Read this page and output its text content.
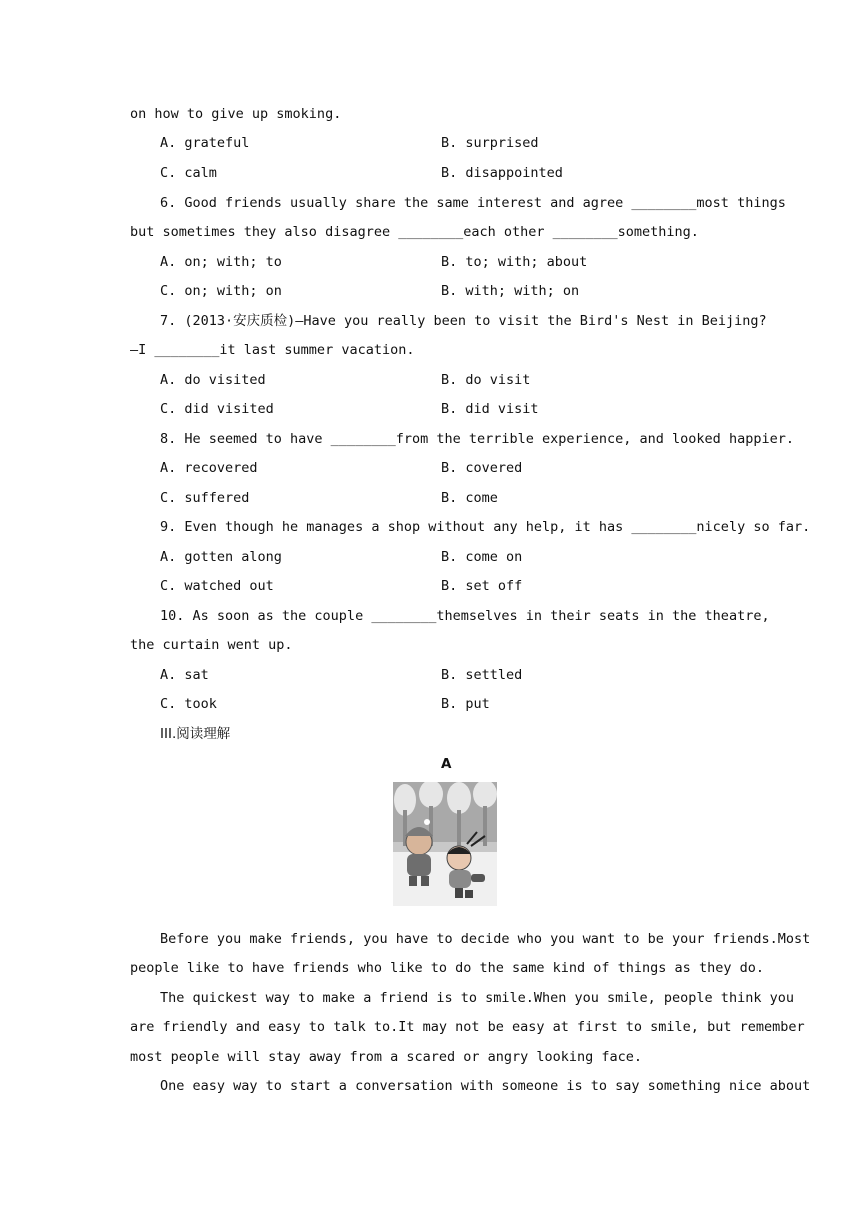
on how to give up smoking.
A. grateful	B. surprised
C. calm	B. disappointed
6. Good friends usually share the same interest and agree ________most things
but sometimes they also disagree ________each other ________something.
A. on; with; to	B. to; with; about
C. on; with; on	B. with; with; on
7. (2013·安庆质检)—Have you really been to visit the Bird's Nest in Beijing?
—I ________it last summer vacation.
A. do visited	B. do visit
C. did visited	B. did visit
8. He seemed to have ________from the terrible experience, and looked happier.
A. recovered	B. covered
C. suffered	B. come
9. Even though he manages a shop without any help, it has ________nicely so far.
A. gotten along	B. come on
C. watched out	B. set off
10. As soon as the couple ________themselves in their seats in the theatre,
the curtain went up.
A. sat	B. settled
C. took	B. put
III.阅读理解
A
Before you make friends, you have to decide who you want to be your friends.Most
people like to have friends who like to do the same kind of things as they do.
The quickest way to make a friend is to smile.When you smile, people think you
are friendly and easy to talk to.It may not be easy at first to smile, but remember
most people will stay away from a scared or angry looking face.
One easy way to start a conversation with someone is to say something nice about
